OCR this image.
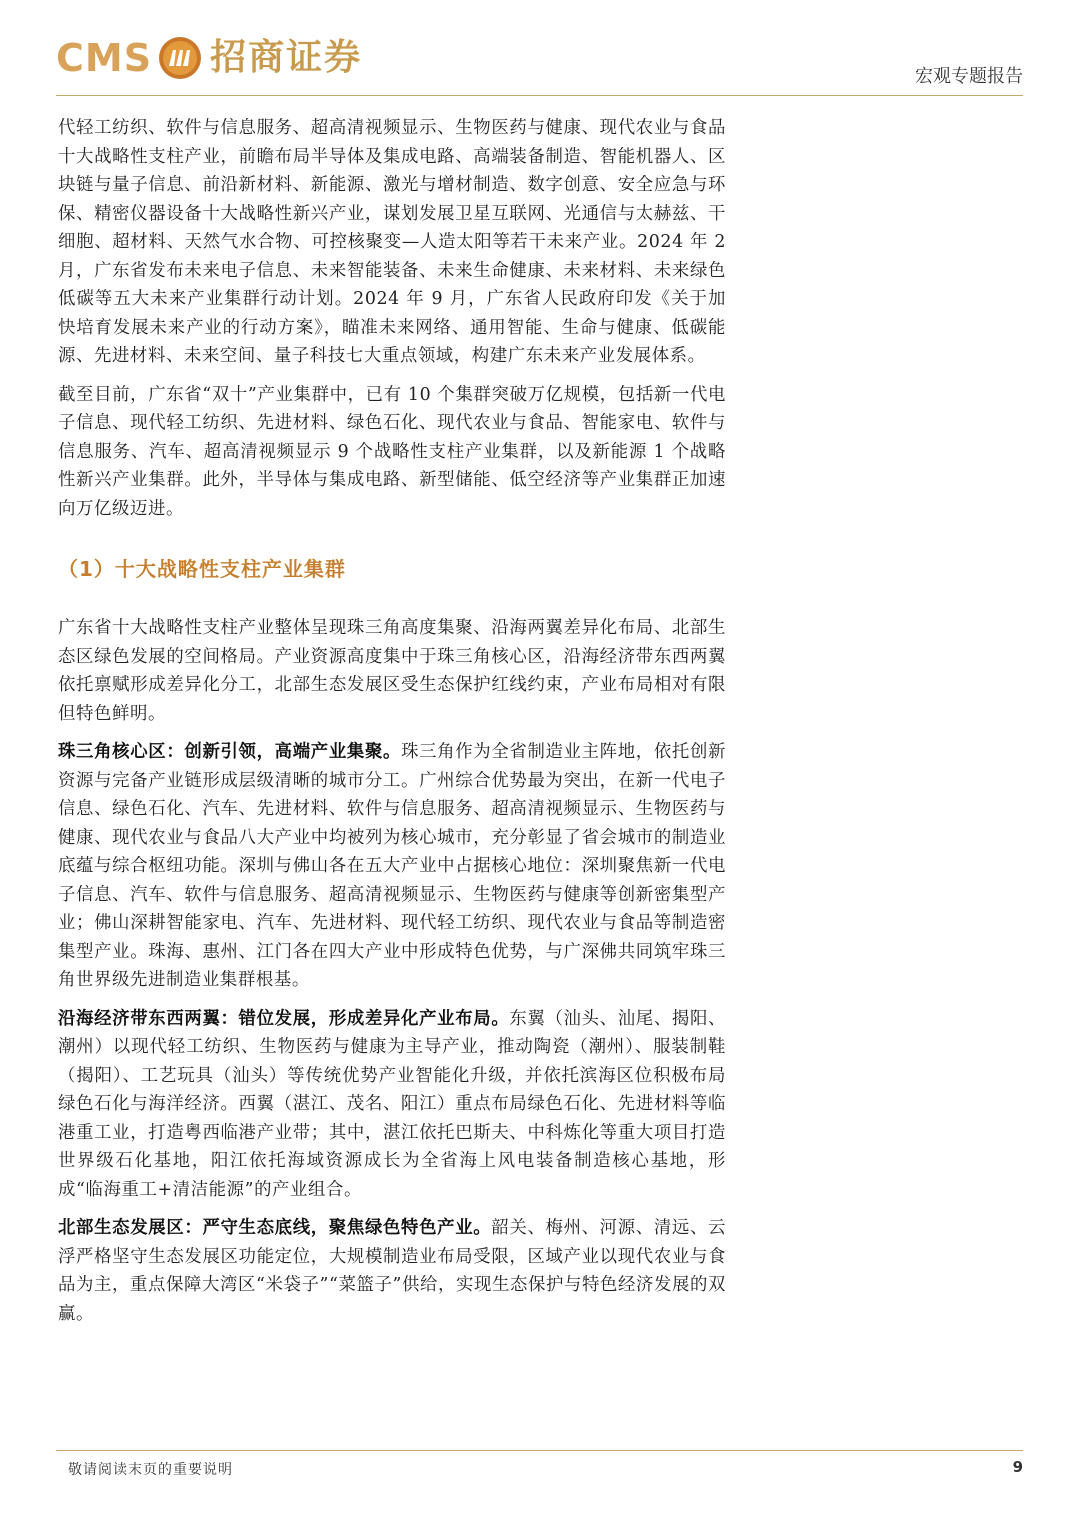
CMS 招商证券	宏观专题报告

代轻工纺织、软件与信息服务、超高清视频显示、生物医药与健康、现代农业与食品十大战略性支柱产业，前瞻布局半导体及集成电路、高端装备制造、智能机器人、区块链与量子信息、前沿新材料、新能源、激光与增材制造、数字创意、安全应急与环保、精密仪器设备十大战略性新兴产业，谋划发展卫星互联网、光通信与太赫兹、干细胞、超材料、天然气水合物、可控核聚变—人造太阳等若干未来产业。2024 年 2 月，广东省发布未来电子信息、未来智能装备、未来生命健康、未来材料、未来绿色低碳等五大未来产业集群行动计划。2024 年 9 月，广东省人民政府印发《关于加快培育发展未来产业的行动方案》，瞄准未来网络、通用智能、生命与健康、低碳能源、先进材料、未来空间、量子科技七大重点领域，构建广东未来产业发展体系。

截至目前，广东省“双十”产业集群中，已有 10 个集群突破万亿规模，包括新一代电子信息、现代轻工纺织、先进材料、绿色石化、现代农业与食品、智能家电、软件与信息服务、汽车、超高清视频显示 9 个战略性支柱产业集群，以及新能源 1 个战略性新兴产业集群。此外，半导体与集成电路、新型储能、低空经济等产业集群正加速向万亿级迈进。

（1）十大战略性支柱产业集群

广东省十大战略性支柱产业整体呈现珠三角高度集聚、沿海两翼差异化布局、北部生态区绿色发展的空间格局。产业资源高度集中于珠三角核心区，沿海经济带东西两翼依托禀赋形成差异化分工，北部生态发展区受生态保护红线约束，产业布局相对有限但特色鲜明。

珠三角核心区：创新引领，高端产业集聚。珠三角作为全省制造业主阵地，依托创新资源与完备产业链形成层级清晰的城市分工。广州综合优势最为突出，在新一代电子信息、绿色石化、汽车、先进材料、软件与信息服务、超高清视频显示、生物医药与健康、现代农业与食品八大产业中均被列为核心城市，充分彰显了省会城市的制造业底蕴与综合枢纽功能。深圳与佛山各在五大产业中占据核心地位：深圳聚焦新一代电子信息、汽车、软件与信息服务、超高清视频显示、生物医药与健康等创新密集型产业；佛山深耕智能家电、汽车、先进材料、现代轻工纺织、现代农业与食品等制造密集型产业。珠海、惠州、江门各在四大产业中形成特色优势，与广深佛共同筑牢珠三角世界级先进制造业集群根基。

沿海经济带东西两翼：错位发展，形成差异化产业布局。东翼（汕头、汕尾、揭阳、潮州）以现代轻工纺织、生物医药与健康为主导产业，推动陶瓷（潮州）、服装制鞋（揭阳）、工艺玩具（汕头）等传统优势产业智能化升级，并依托滨海区位积极布局绿色石化与海洋经济。西翼（湛江、茂名、阳江）重点布局绿色石化、先进材料等临港重工业，打造粤西临港产业带；其中，湛江依托巴斯夫、中科炼化等重大项目打造世界级石化基地，阳江依托海域资源成长为全省海上风电装备制造核心基地，形成“临海重工+清洁能源”的产业组合。

北部生态发展区：严守生态底线，聚焦绿色特色产业。韶关、梅州、河源、清远、云浮严格坚守生态发展区功能定位，大规模制造业布局受限，区域产业以现代农业与食品为主，重点保障大湾区“米袋子”“菜篮子”供给，实现生态保护与特色经济发展的双赢。

敬请阅读末页的重要说明	9
